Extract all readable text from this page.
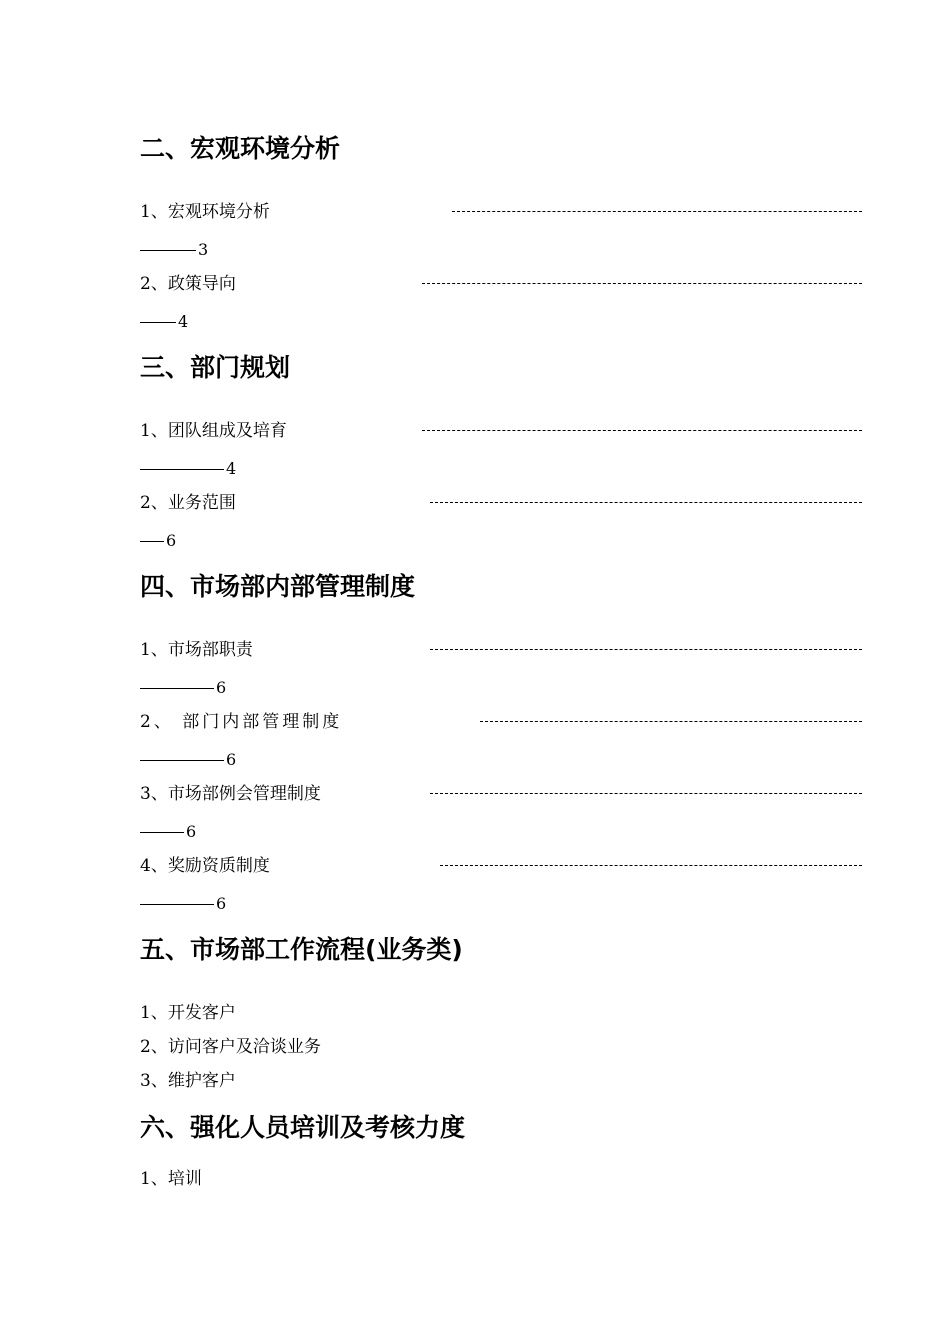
二、宏观环境分析
1、宏观环境分析
3
2、政策导向
4
三、部门规划
1、团队组成及培育
4
2、业务范围
6
四、市场部内部管理制度
1、市场部职责
6
2、 部门内部管理制度
6
3、市场部例会管理制度
6
4、奖励资质制度
6
五、市场部工作流程(业务类)
1、开发客户
2、访问客户及洽谈业务
3、维护客户
六、强化人员培训及考核力度
1、培训
